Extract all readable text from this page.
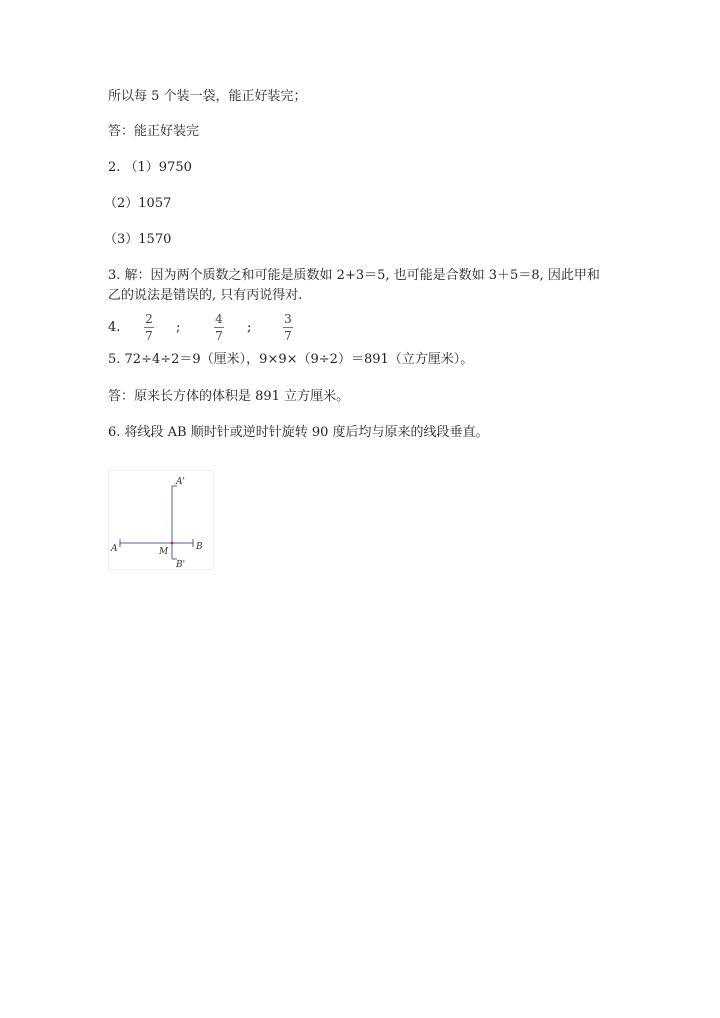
所以每 5 个装一袋，能正好装完；
答：能正好装完
2. （1）9750
（2）1057
（3）1570
3. 解：因为两个质数之和可能是质数如 2+3＝5, 也可能是合数如 3＋5＝8, 因此甲和乙的说法是错误的, 只有丙说得对.
4.
2
7
;
4
7
;
3
7
5. 72÷4÷2＝9（厘米），9×9×（9÷2）＝891（立方厘米）。
答：原来长方体的体积是 891 立方厘米。
6. 将线段 AB 顺时针或逆时针旋转 90 度后均与原来的线段垂直。
A	B
M
A'
B'
